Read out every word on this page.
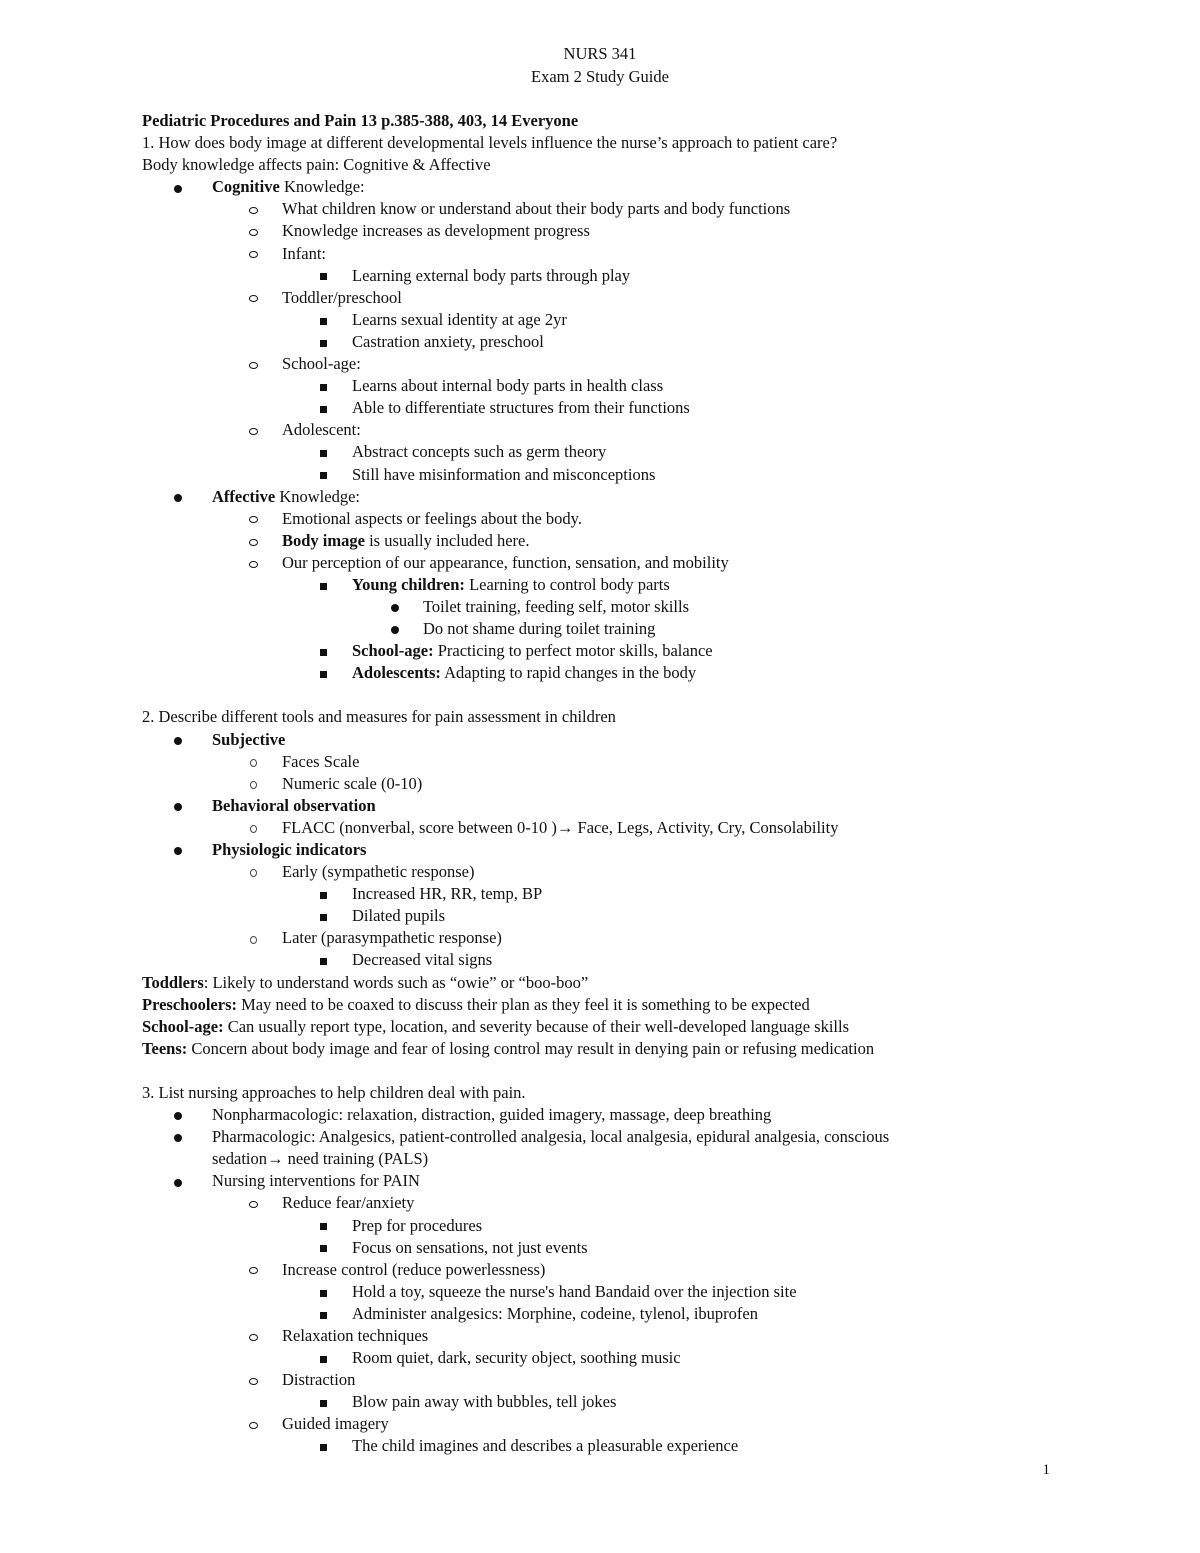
NURS 341
Exam 2 Study Guide
Pediatric Procedures and Pain 13 p.385-388, 403, 14 Everyone
1. How does body image at different developmental levels influence the nurse’s approach to patient care?
Body knowledge affects pain: Cognitive & Affective
Cognitive Knowledge:
What children know or understand about their body parts and body functions
Knowledge increases as development progress
Infant:
Learning external body parts through play
Toddler/preschool
Learns sexual identity at age 2yr
Castration anxiety, preschool
School-age:
Learns about internal body parts in health class
Able to differentiate structures from their functions
Adolescent:
Abstract concepts such as germ theory
Still have misinformation and misconceptions
Affective Knowledge:
Emotional aspects or feelings about the body.
Body image is usually included here.
Our perception of our appearance, function, sensation, and mobility
Young children: Learning to control body parts
Toilet training, feeding self, motor skills
Do not shame during toilet training
School-age: Practicing to perfect motor skills, balance
Adolescents: Adapting to rapid changes in the body
2. Describe different tools and measures for pain assessment in children
Subjective
Faces Scale
Numeric scale (0-10)
Behavioral observation
FLACC (nonverbal, score between 0-10 )→ Face, Legs, Activity, Cry, Consolability
Physiologic indicators
Early (sympathetic response)
Increased HR, RR, temp, BP
Dilated pupils
Later (parasympathetic response)
Decreased vital signs
Toddlers: Likely to understand words such as “owie” or “boo-boo”
Preschoolers: May need to be coaxed to discuss their plan as they feel it is something to be expected
School-age: Can usually report type, location, and severity because of their well-developed language skills
Teens: Concern about body image and fear of losing control may result in denying pain or refusing medication
3. List nursing approaches to help children deal with pain.
Nonpharmacologic: relaxation, distraction, guided imagery, massage, deep breathing
Pharmacologic: Analgesics, patient-controlled analgesia, local analgesia, epidural analgesia, conscious
sedation→ need training (PALS)
Nursing interventions for PAIN
Reduce fear/anxiety
Prep for procedures
Focus on sensations, not just events
Increase control (reduce powerlessness)
Hold a toy, squeeze the nurse's hand Bandaid over the injection site
Administer analgesics: Morphine, codeine, tylenol, ibuprofen
Relaxation techniques
Room quiet, dark, security object, soothing music
Distraction
Blow pain away with bubbles, tell jokes
Guided imagery
The child imagines and describes a pleasurable experience
1
